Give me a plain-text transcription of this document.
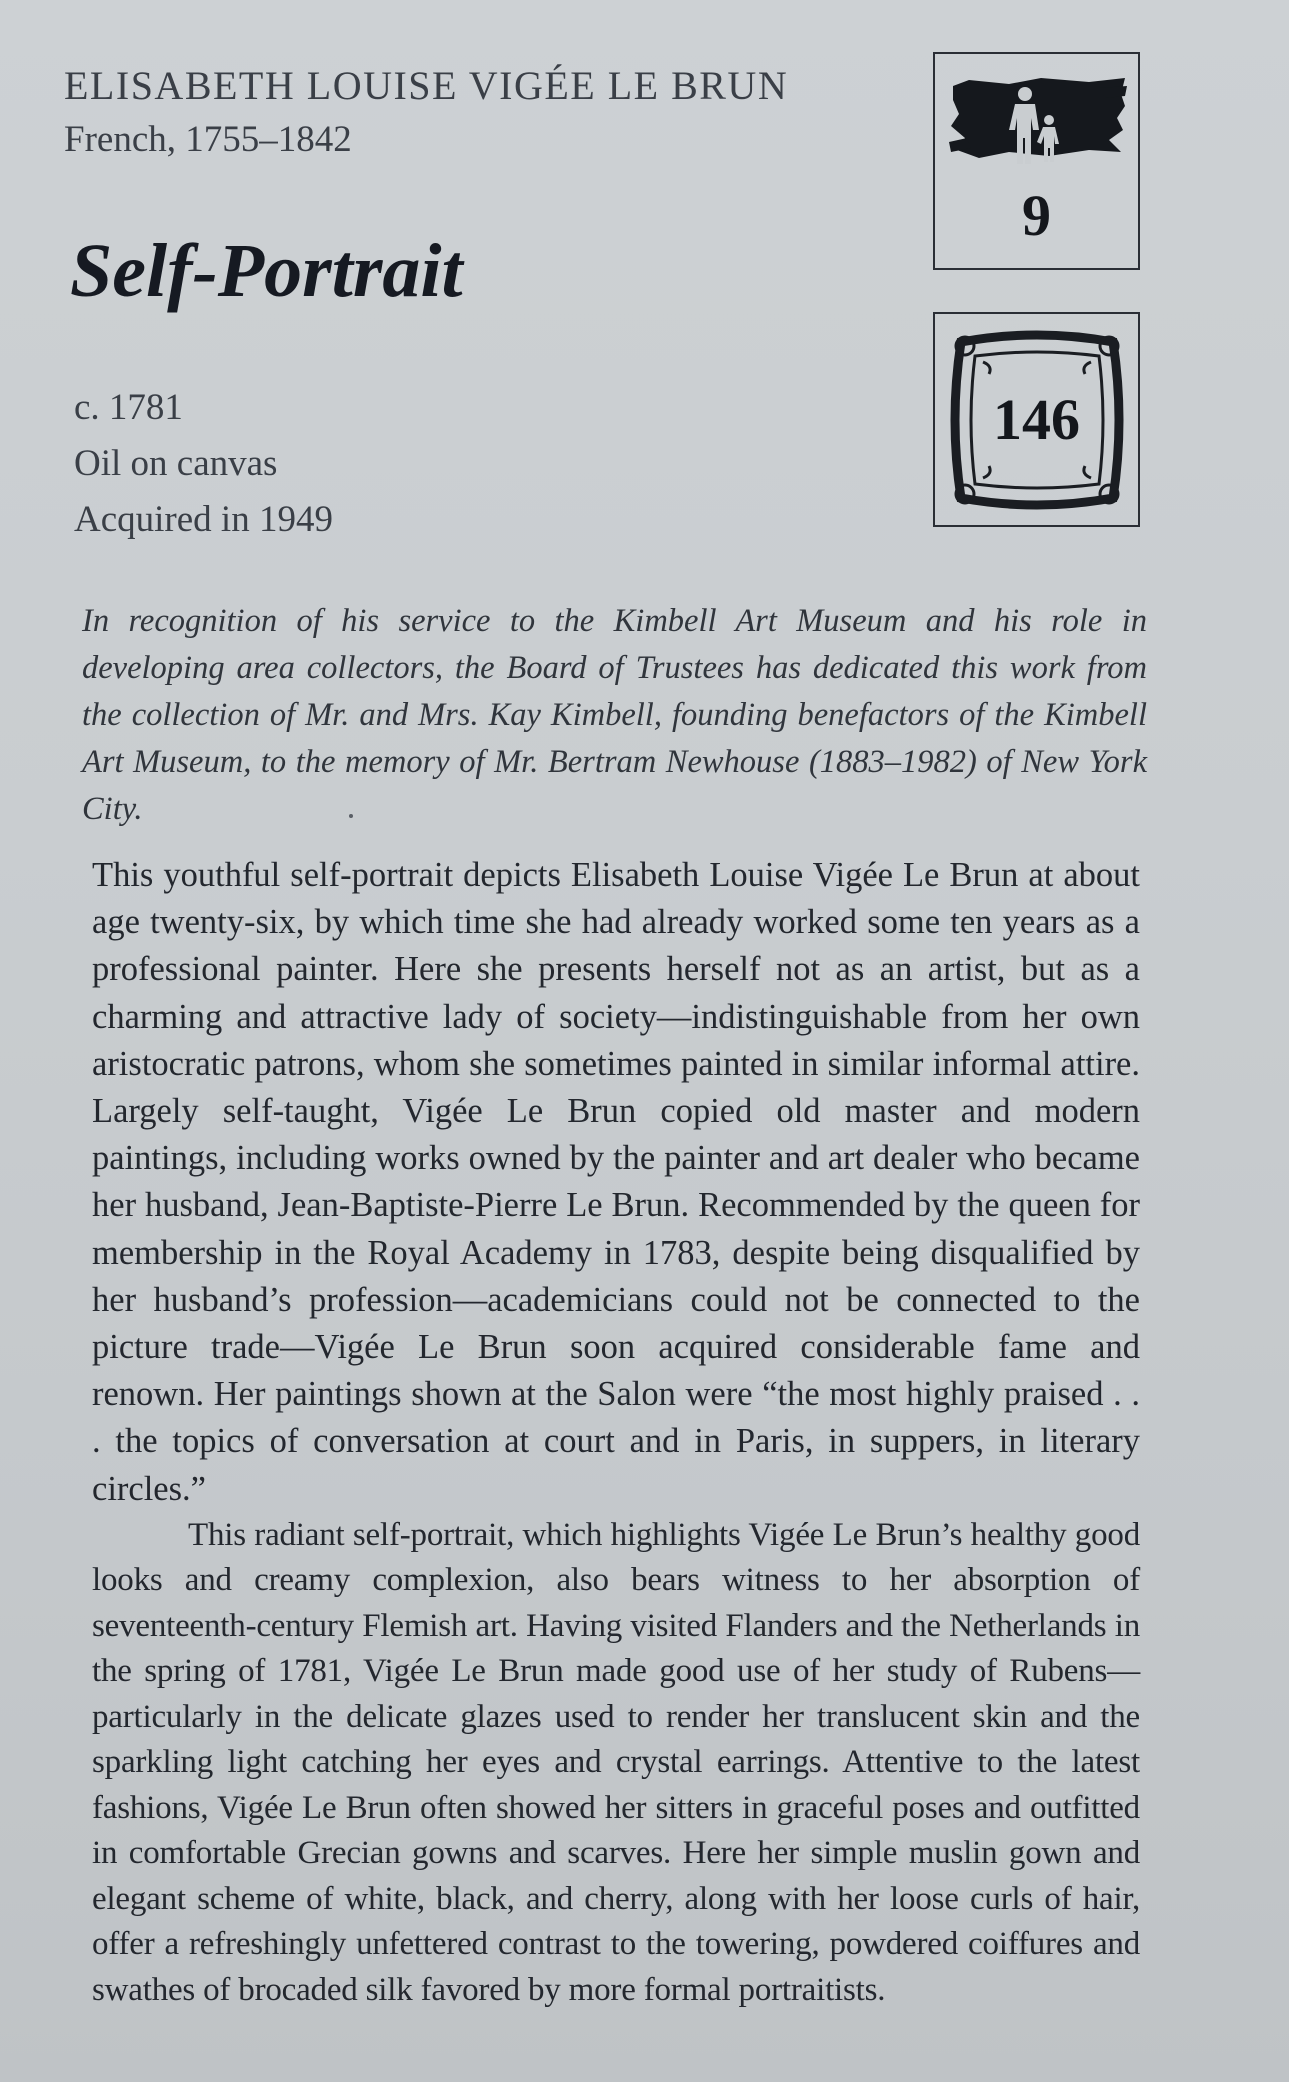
ELISABETH LOUISE VIGÉE LE BRUN
French, 1755–1842
Self-Portrait
c. 1781
Oil on canvas
Acquired in 1949
9
146
In recognition of his service to the Kimbell Art Museum and his role in developing area collectors, the Board of Trustees has dedicated this work from the collection of Mr. and Mrs. Kay Kimbell, founding benefactors of the Kimbell Art Museum, to the memory of Mr. Bertram Newhouse (1883–1982) of New York City.

This youthful self-portrait depicts Elisabeth Louise Vigée Le Brun at about age twenty-six, by which time she had already worked some ten years as a professional painter. Here she presents herself not as an artist, but as a charming and attractive lady of society—indistinguishable from her own aristocratic patrons, whom she sometimes painted in similar informal attire. Largely self-taught, Vigée Le Brun copied old master and modern paintings, including works owned by the painter and art dealer who became her husband, Jean-Baptiste-Pierre Le Brun. Recommended by the queen for membership in the Royal Academy in 1783, despite being disqualified by her husband’s profession—academicians could not be connected to the picture trade—Vigée Le Brun soon acquired considerable fame and renown. Her paintings shown at the Salon were “the most highly praised . . . the topics of conversation at court and in Paris, in suppers, in literary circles.”

This radiant self-portrait, which highlights Vigée Le Brun’s healthy good looks and creamy complexion, also bears witness to her absorption of seventeenth-century Flemish art. Having visited Flanders and the Netherlands in the spring of 1781, Vigée Le Brun made good use of her study of Rubens—particularly in the delicate glazes used to render her translucent skin and the sparkling light catching her eyes and crystal earrings. Attentive to the latest fashions, Vigée Le Brun often showed her sitters in graceful poses and outfitted in comfortable Grecian gowns and scarves. Here her simple muslin gown and elegant scheme of white, black, and cherry, along with her loose curls of hair, offer a refreshingly unfettered contrast to the towering, powdered coiffures and swathes of brocaded silk favored by more formal portraitists.
